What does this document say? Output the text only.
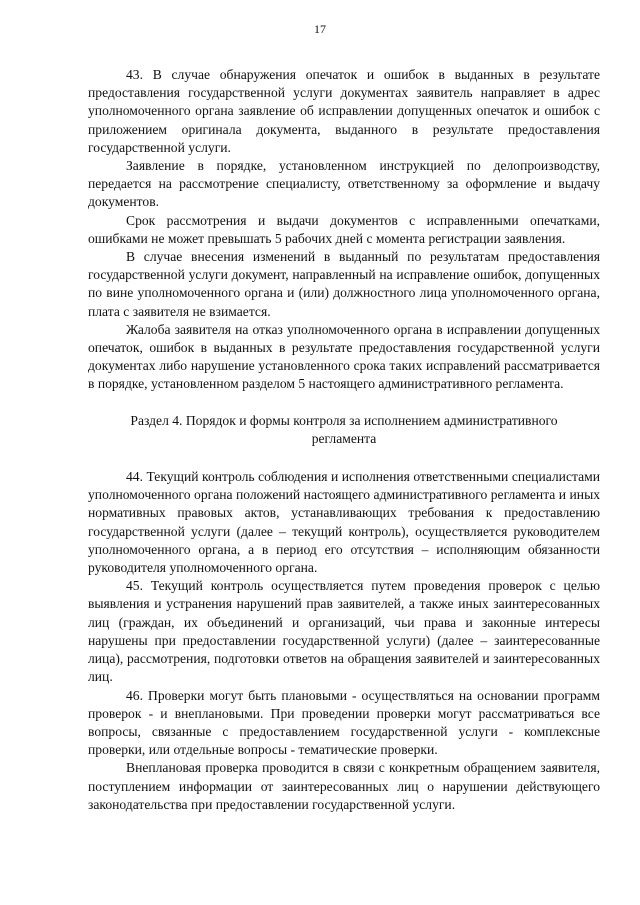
17

43. В случае обнаружения опечаток и ошибок в выданных в результате предоставления государственной услуги документах заявитель направляет в адрес уполномоченного органа заявление об исправлении допущенных опечаток и ошибок с приложением оригинала документа, выданного в результате предоставления государственной услуги.

Заявление в порядке, установленном инструкцией по делопроизводству, передается на рассмотрение специалисту, ответственному за оформление и выдачу документов.

Срок рассмотрения и выдачи документов с исправленными опечатками, ошибками не может превышать 5 рабочих дней с момента регистрации заявления.

В случае внесения изменений в выданный по результатам предоставления государственной услуги документ, направленный на исправление ошибок, допущенных по вине уполномоченного органа и (или) должностного лица уполномоченного органа, плата с заявителя не взимается.

Жалоба заявителя на отказ уполномоченного органа в исправлении допущенных опечаток, ошибок в выданных в результате предоставления государственной услуги документах либо нарушение установленного срока таких исправлений рассматривается в порядке, установленном разделом 5 настоящего административного регламента.

Раздел 4. Порядок и формы контроля за исполнением административного регламента

44. Текущий контроль соблюдения и исполнения ответственными специалистами уполномоченного органа положений настоящего административного регламента и иных нормативных правовых актов, устанавливающих требования к предоставлению государственной услуги (далее – текущий контроль), осуществляется руководителем уполномоченного органа, а в период его отсутствия – исполняющим обязанности руководителя уполномоченного органа.

45. Текущий контроль осуществляется путем проведения проверок с целью выявления и устранения нарушений прав заявителей, а также иных заинтересованных лиц (граждан, их объединений и организаций, чьи права и законные интересы нарушены при предоставлении государственной услуги) (далее – заинтересованные лица), рассмотрения, подготовки ответов на обращения заявителей и заинтересованных лиц.

46. Проверки могут быть плановыми - осуществляться на основании программ проверок - и внеплановыми. При проведении проверки могут рассматриваться все вопросы, связанные с предоставлением государственной услуги - комплексные проверки, или отдельные вопросы - тематические проверки.

Внеплановая проверка проводится в связи с конкретным обращением заявителя, поступлением информации от заинтересованных лиц о нарушении действующего законодательства при предоставлении государственной услуги.
